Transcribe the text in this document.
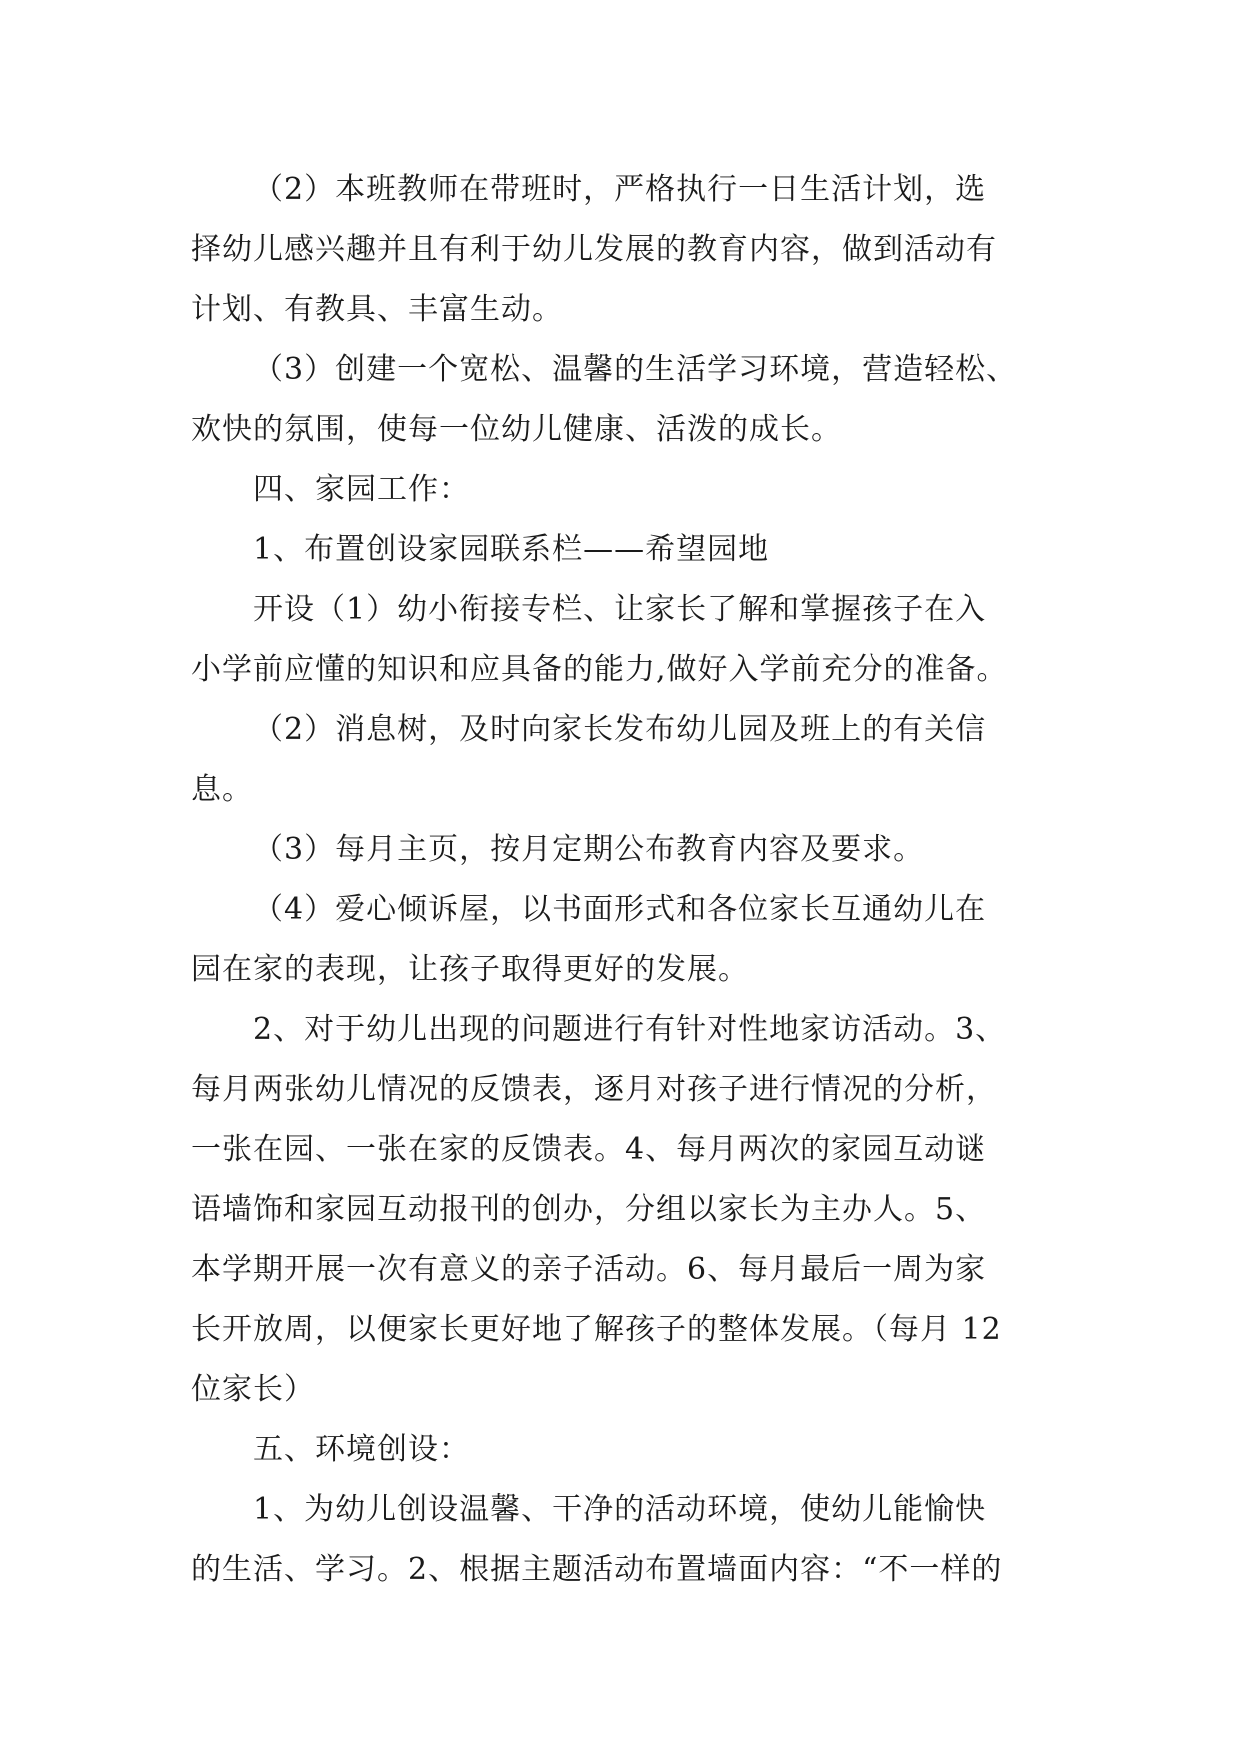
（2）本班教师在带班时，严格执行一日生活计划，选
择幼儿感兴趣并且有利于幼儿发展的教育内容，做到活动有
计划、有教具、丰富生动。
（3）创建一个宽松、温馨的生活学习环境，营造轻松、
欢快的氛围，使每一位幼儿健康、活泼的成长。
四、家园工作：
1、布置创设家园联系栏——希望园地
开设（1）幼小衔接专栏、让家长了解和掌握孩子在入
小学前应懂的知识和应具备的能力,做好入学前充分的准备。
（2）消息树，及时向家长发布幼儿园及班上的有关信
息。
（3）每月主页，按月定期公布教育内容及要求。
（4）爱心倾诉屋，以书面形式和各位家长互通幼儿在
园在家的表现，让孩子取得更好的发展。
2、对于幼儿出现的问题进行有针对性地家访活动。3、
每月两张幼儿情况的反馈表，逐月对孩子进行情况的分析，
一张在园、一张在家的反馈表。4、每月两次的家园互动谜
语墙饰和家园互动报刊的创办，分组以家长为主办人。5、
本学期开展一次有意义的亲子活动。6、每月最后一周为家
长开放周，以便家长更好地了解孩子的整体发展。（每月 12
位家长）
五、环境创设：
1、为幼儿创设温馨、干净的活动环境，使幼儿能愉快
的生活、学习。2、根据主题活动布置墙面内容：“不一样的
